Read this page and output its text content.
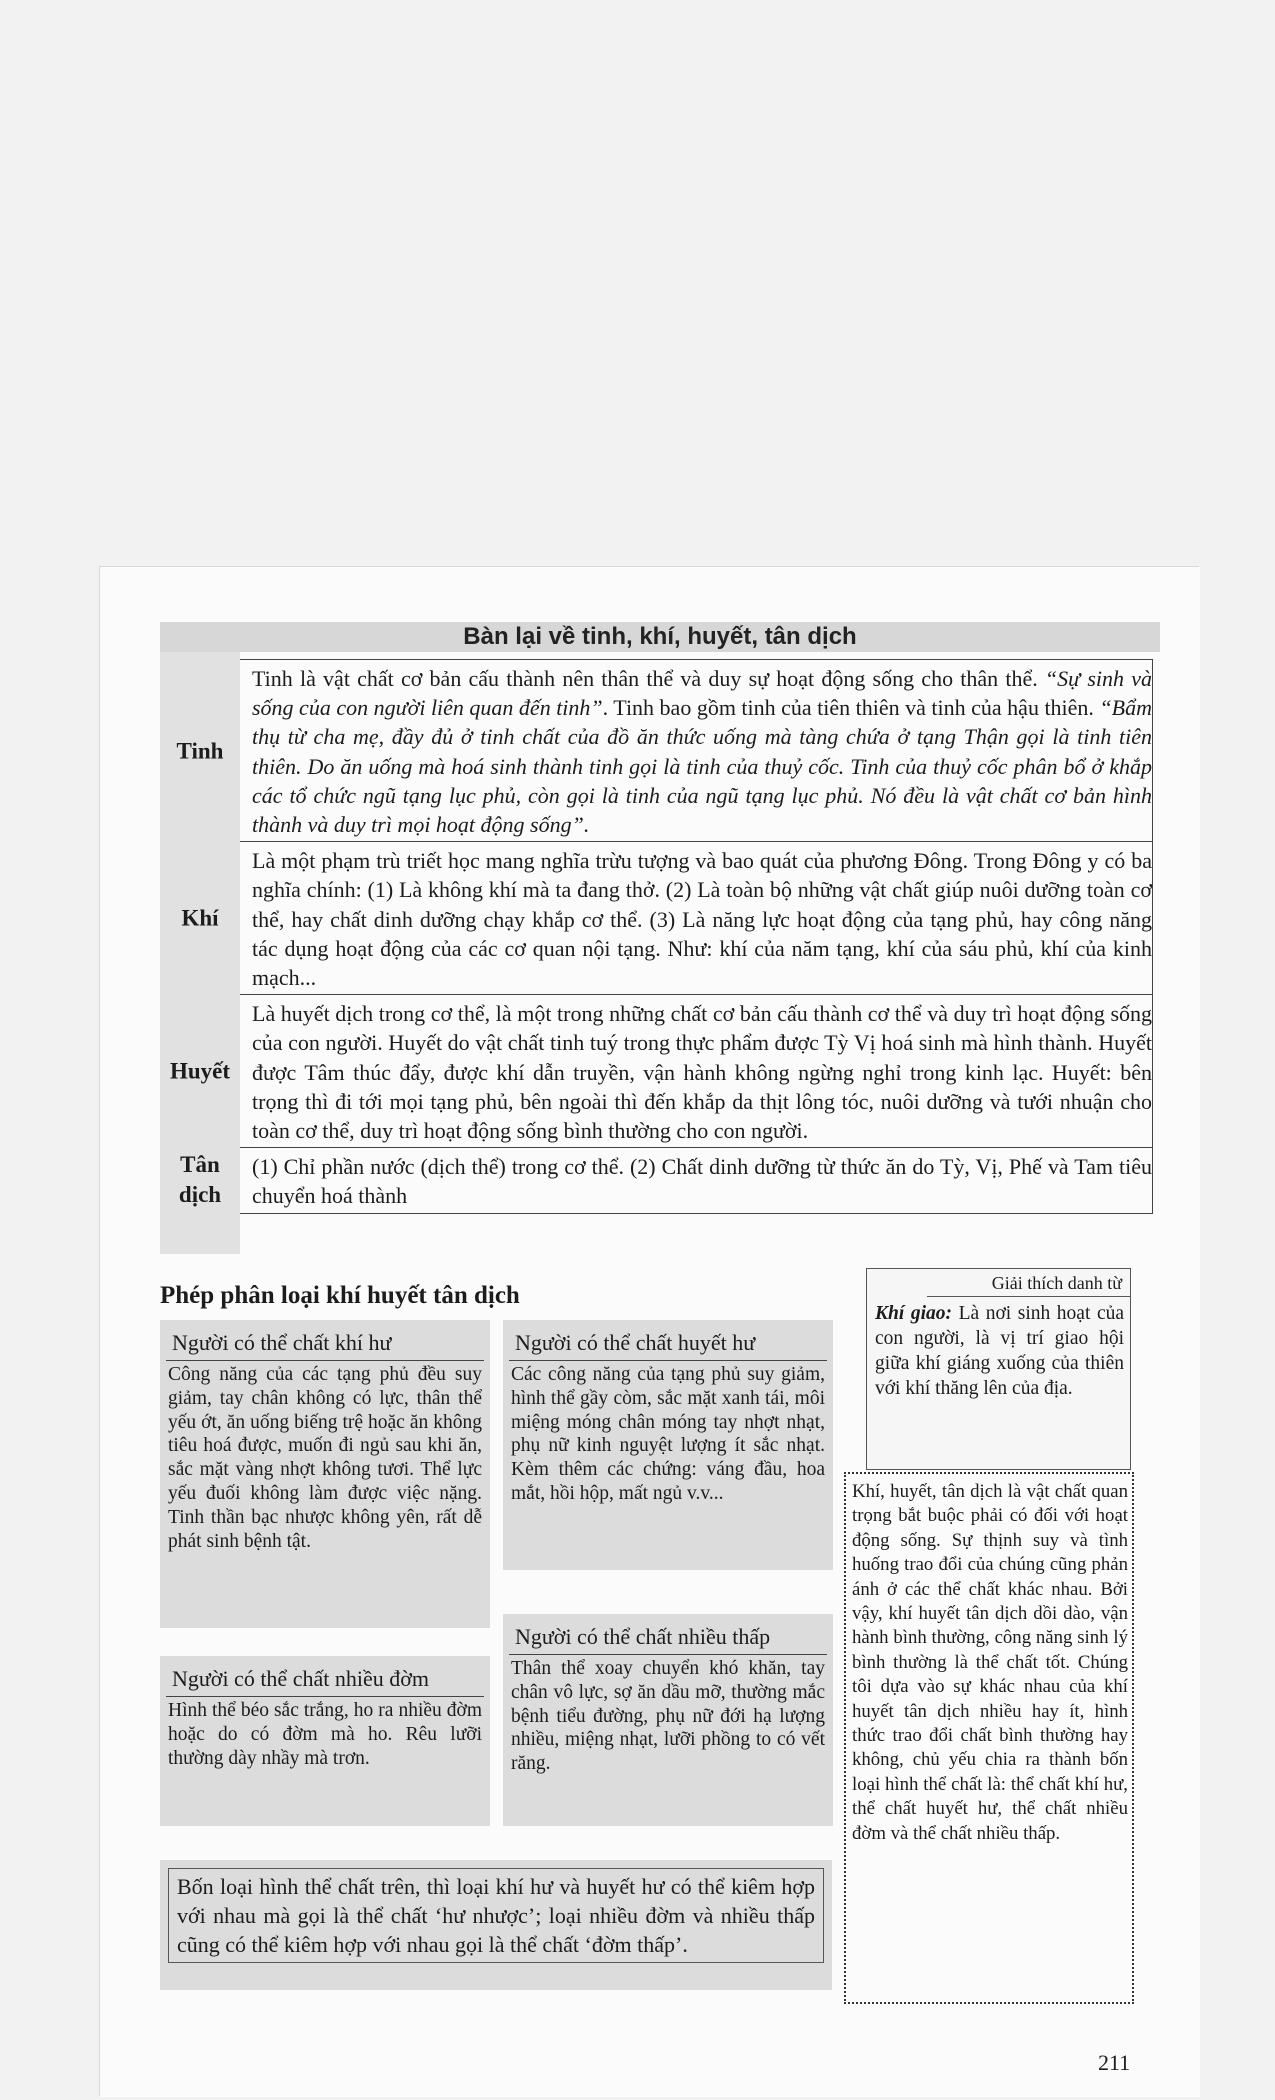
Bàn lại về tinh, khí, huyết, tân dịch
Tinh
Tinh là vật chất cơ bản cấu thành nên thân thể và duy sự hoạt động sống cho thân thể. “Sự sinh và sống của con người liên quan đến tinh”. Tinh bao gồm tinh của tiên thiên và tinh của hậu thiên. “Bẩm thụ từ cha mẹ, đầy đủ ở tinh chất của đồ ăn thức uống mà tàng chứa ở tạng Thận gọi là tinh tiên thiên. Do ăn uống mà hoá sinh thành tinh gọi là tinh của thuỷ cốc. Tinh của thuỷ cốc phân bổ ở khắp các tổ chức ngũ tạng lục phủ, còn gọi là tinh của ngũ tạng lục phủ. Nó đều là vật chất cơ bản hình thành và duy trì mọi hoạt động sống”.
Khí
Là một phạm trù triết học mang nghĩa trừu tượng và bao quát của phương Đông. Trong Đông y có ba nghĩa chính: (1) Là không khí mà ta đang thở. (2) Là toàn bộ những vật chất giúp nuôi dưỡng toàn cơ thể, hay chất dinh dưỡng chạy khắp cơ thể. (3) Là năng lực hoạt động của tạng phủ, hay công năng tác dụng hoạt động của các cơ quan nội tạng. Như: khí của năm tạng, khí của sáu phủ, khí của kinh mạch...
Huyết
Là huyết dịch trong cơ thể, là một trong những chất cơ bản cấu thành cơ thể và duy trì hoạt động sống của con người. Huyết do vật chất tinh tuý trong thực phẩm được Tỳ Vị hoá sinh mà hình thành. Huyết được Tâm thúc đẩy, được khí dẫn truyền, vận hành không ngừng nghỉ trong kinh lạc. Huyết: bên trọng thì đi tới mọi tạng phủ, bên ngoài thì đến khắp da thịt lông tóc, nuôi dưỡng và tưới nhuận cho toàn cơ thể, duy trì hoạt động sống bình thường cho con người.
Tân dịch
(1) Chỉ phần nước (dịch thể) trong cơ thể. (2) Chất dinh dưỡng từ thức ăn do Tỳ, Vị, Phế và Tam tiêu chuyển hoá thành
Phép phân loại khí huyết tân dịch
Người có thể chất khí hư
Công năng của các tạng phủ đều suy giảm, tay chân không có lực, thân thể yếu ớt, ăn uống biếng trệ hoặc ăn không tiêu hoá được, muốn đi ngủ sau khi ăn, sắc mặt vàng nhợt không tươi. Thể lực yếu đuối không làm được việc nặng. Tinh thần bạc nhược không yên, rất dễ phát sinh bệnh tật.
Người có thể chất huyết hư
Các công năng của tạng phủ suy giảm, hình thể gầy còm, sắc mặt xanh tái, môi miệng móng chân móng tay nhợt nhạt, phụ nữ kinh nguyệt lượng ít sắc nhạt. Kèm thêm các chứng: váng đầu, hoa mắt, hồi hộp, mất ngủ v.v...
Người có thể chất nhiều đờm
Hình thể béo sắc trắng, ho ra nhiều đờm hoặc do có đờm mà ho. Rêu lưỡi thường dày nhầy mà trơn.
Người có thể chất nhiều thấp
Thân thể xoay chuyển khó khăn, tay chân vô lực, sợ ăn dầu mỡ, thường mắc bệnh tiểu đường, phụ nữ đới hạ lượng nhiều, miệng nhạt, lưỡi phồng to có vết răng.
Bốn loại hình thể chất trên, thì loại khí hư và huyết hư có thể kiêm hợp với nhau mà gọi là thể chất ‘hư nhược’; loại nhiều đờm và nhiều thấp cũng có thể kiêm hợp với nhau gọi là thể chất ‘đờm thấp’.
Giải thích danh từ
Khí giao: Là nơi sinh hoạt của con người, là vị trí giao hội giữa khí giáng xuống của thiên với khí thăng lên của địa.
Khí, huyết, tân dịch là vật chất quan trọng bắt buộc phải có đối với hoạt động sống. Sự thịnh suy và tình huống trao đổi của chúng cũng phản ánh ở các thể chất khác nhau. Bởi vậy, khí huyết tân dịch dồi dào, vận hành bình thường, công năng sinh lý bình thường là thể chất tốt. Chúng tôi dựa vào sự khác nhau của khí huyết tân dịch nhiều hay ít, hình thức trao đổi chất bình thường hay không, chủ yếu chia ra thành bốn loại hình thể chất là: thể chất khí hư, thể chất huyết hư, thể chất nhiều đờm và thể chất nhiều thấp.
211
